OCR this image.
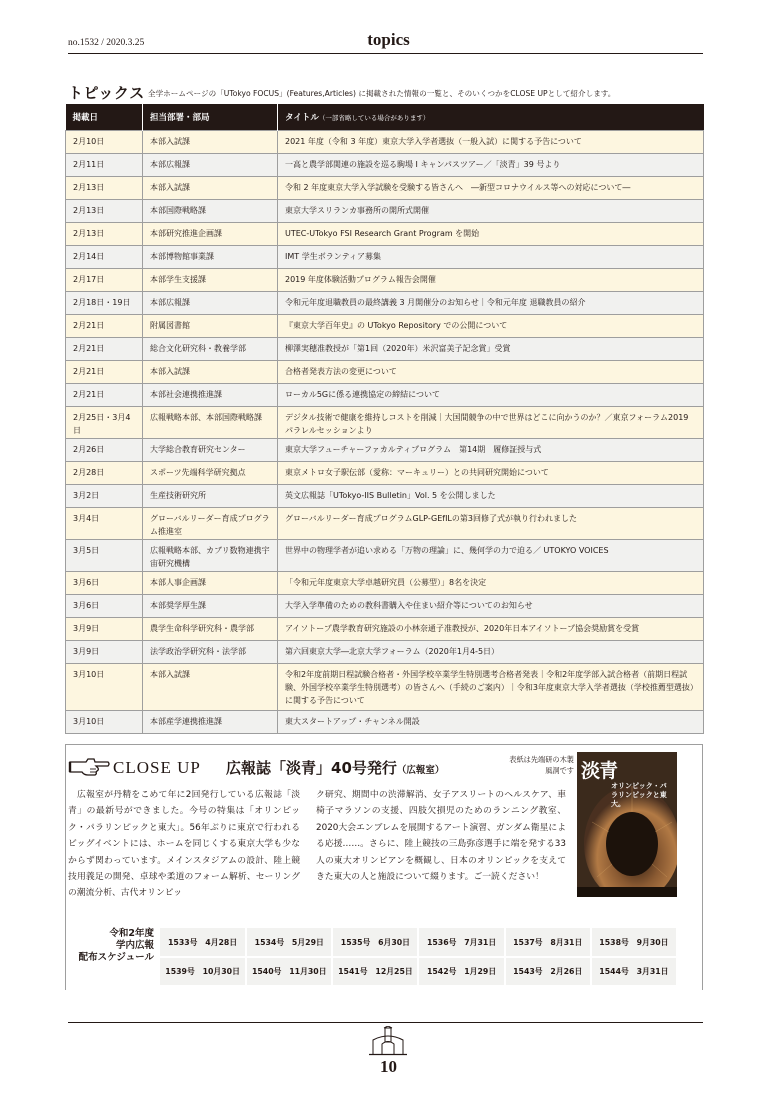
no.1532 / 2020.3.25	topics
トピックス 全学ホームページの「UTokyo FOCUS」(Features,Articles) に掲載された情報の一覧と、そのいくつかをCLOSE UPとして紹介します。
掲載日	担当部署・部局	タイトル（一部省略している場合があります）
2月10日	本部入試課	2021 年度（令和 3 年度）東京大学入学者選抜（一般入試）に関する予告について
2月11日	本部広報課	一高と農学部関連の施設を巡る駒場 I キャンパスツアー／「淡青」39 号より
2月13日	本部入試課	令和 2 年度東京大学入学試験を受験する皆さんへ　―新型コロナウイルス等への対応について―
2月13日	本部国際戦略課	東京大学スリランカ事務所の開所式開催
2月13日	本部研究推進企画課	UTEC-UTokyo FSI Research Grant Program を開始
2月14日	本部博物館事業課	IMT 学生ボランティア募集
2月17日	本部学生支援課	2019 年度体験活動プログラム報告会開催
2月18日・19日	本部広報課	令和元年度退職教員の最終講義 3 月開催分のお知らせ｜令和元年度 退職教員の紹介
2月21日	附属図書館	『東京大学百年史』の UTokyo Repository での公開について
2月21日	総合文化研究科・教養学部	柳澤実穂准教授が「第1回（2020年）米沢富美子記念賞」受賞
2月21日	本部入試課	合格者発表方法の変更について
2月21日	本部社会連携推進課	ローカル5Gに係る連携協定の締結について
2月25日・3月4日	広報戦略本部、本部国際戦略課	デジタル技術で健康を維持しコストを削減｜大国間競争の中で世界はどこに向かうのか？／東京フォーラム2019パラレルセッションより
2月26日	大学総合教育研究センター	東京大学フューチャーファカルティプログラム　第14期　履修証授与式
2月28日	スポーツ先端科学研究拠点	東京メトロ女子駅伝部（愛称：マーキュリー）との共同研究開始について
3月2日	生産技術研究所	英文広報誌「UTokyo-IIS Bulletin」Vol. 5 を公開しました
3月4日	グローバルリーダー育成プログラム推進室	グローバルリーダー育成プログラムGLP-GEfILの第3回修了式が執り行われました
3月5日	広報戦略本部、カブリ数物連携宇宙研究機構	世界中の物理学者が追い求める「万物の理論」に、幾何学の力で迫る／ UTOKYO VOICES
3月6日	本部人事企画課	「令和元年度東京大学卓越研究員（公募型）」8名を決定
3月6日	本部奨学厚生課	大学入学準備のための教科書購入や住まい紹介等についてのお知らせ
3月9日	農学生命科学研究科・農学部	アイソトープ農学教育研究施設の小林奈通子准教授が、2020年日本アイソトープ協会奨励賞を受賞
3月9日	法学政治学研究科・法学部	第六回東京大学―北京大学フォーラム（2020年1月4-5日）
3月10日	本部入試課	令和2年度前期日程試験合格者・外国学校卒業学生特別選考合格者発表｜令和2年度学部入試合格者（前期日程試験、外国学校卒業学生特別選考）の皆さんへ（手続のご案内）｜令和3年度東京大学入学者選抜（学校推薦型選抜）に関する予告について
3月10日	本部産学連携推進課	東大スタートアップ・チャンネル開設
CLOSE UP 広報誌「淡青」40号発行（広報室）
表紙は先端研の木製風洞です 淡青
オリンピック・パラリンピックと東大。
　広報室が丹精をこめて年に2回発行している広報誌「淡青」の最新号ができました。今号の特集は「オリンピック・パラリンピックと東大」。56年ぶりに東京で行われるビッグイベントには、ホームを同じくする東京大学も少なからず関わっています。メインスタジアムの設計、陸上競技用義足の開発、卓球や柔道のフォーム解析、セーリングの潮流分析、古代オリンピッ
ク研究、期間中の渋滞解消、女子アスリートのヘルスケア、車椅子マラソンの支援、四肢欠損児のためのランニング教室、2020大会エンブレムを展開するアート演習、ガンダム衛星による応援……。さらに、陸上競技の三島弥彦選手に端を発する33人の東大オリンピアンを概観し、日本のオリンピックを支えてきた東大の人と施設について綴ります。ご一読ください！
令和2年度
学内広報
配布スケジュール
1533号　4月28日	1534号　5月29日	1535号　6月30日	1536号　7月31日	1537号　8月31日	1538号　9月30日
1539号　10月30日	1540号　11月30日	1541号　12月25日	1542号　1月29日	1543号　2月26日	1544号　3月31日
10
